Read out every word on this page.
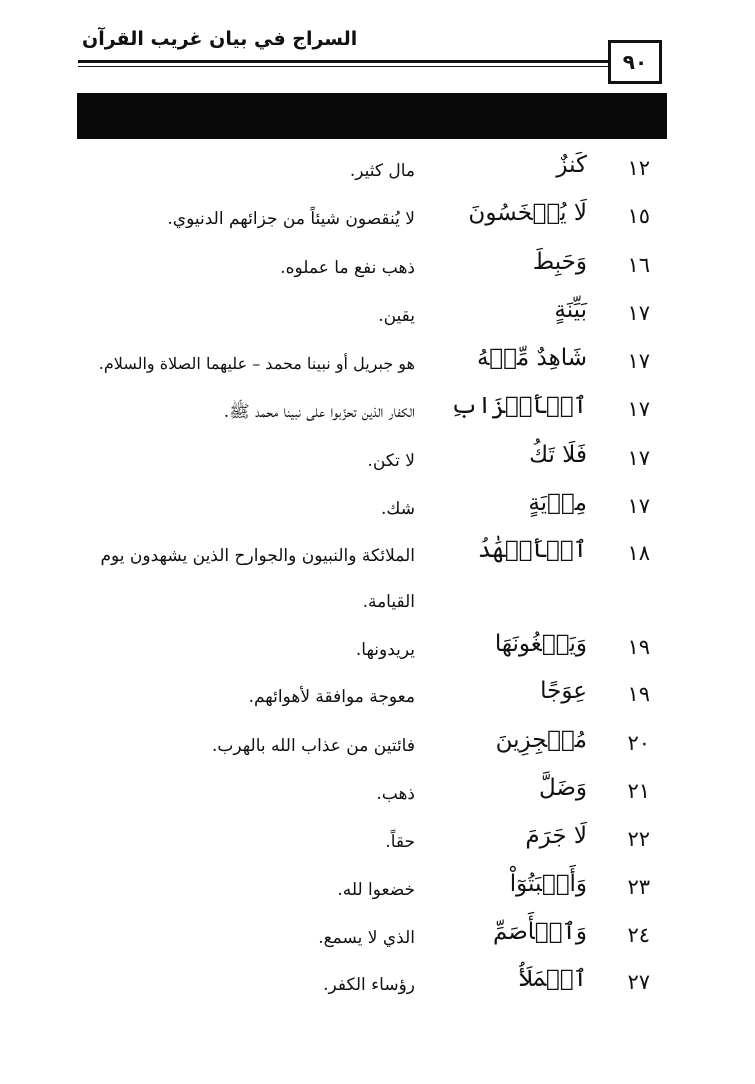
السراج في بيان غريب القرآن
٩٠
١٢
كَنزٌ
مال كثير.
١٥
لَا يُبۡخَسُونَ
لا يُنقصون شيئاً من جزائهم الدنيوي.
١٦
وَحَبِطَ
ذهب نفع ما عملوه.
١٧
بَيِّنَةٍ
يقين.
١٧
شَاهِدٌ مِّنۡهُ
هو جبريل أو نبينا محمد – عليهما الصلاة والسلام.
١٧
ٱلۡأَحۡزَابِ
الكفار الذين تحزّبوا على نبينا محمد ﷺ.
١٧
فَلَا تَكُ
لا تكن.
١٧
مِرۡيَةٍ
شك.
١٨
ٱلۡأَشۡهَٰدُ
الملائكة والنبيون والجوارح الذين يشهدون يوم القيامة.
١٩
وَيَبۡغُونَهَا
يريدونها.
١٩
عِوَجًا
معوجة موافقة لأهوائهم.
٢٠
مُعۡجِزِينَ
فائتين من عذاب الله بالهرب.
٢١
وَضَلَّ
ذهب.
٢٢
لَا جَرَمَ
حقاً.
٢٣
وَأَخۡبَتُوٓاْ
خضعوا لله.
٢٤
وَٱلۡأَصَمِّ
الذي لا يسمع.
٢٧
ٱلۡمَلَأُ
رؤساء الكفر.
